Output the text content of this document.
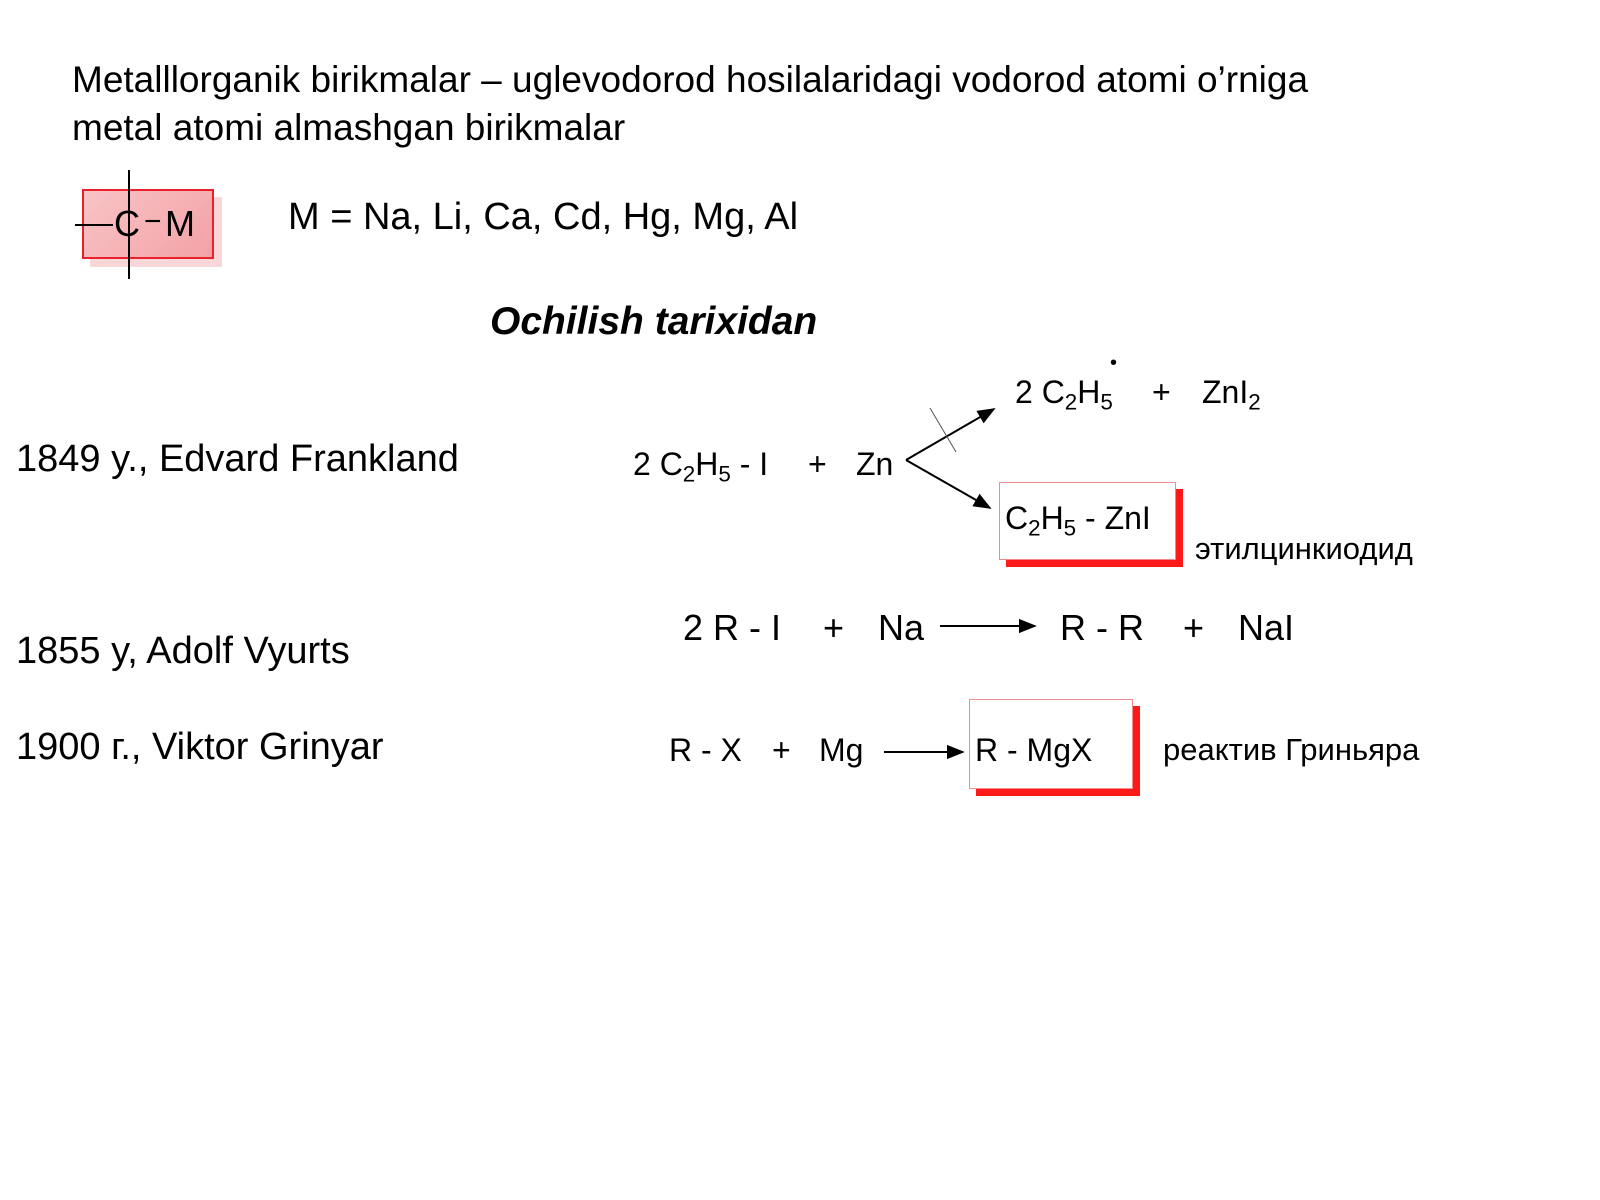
Metalllorganik birikmalar – uglevodorod hosilalaridagi vodorod atomi o’rniga
metal atomi almashgan birikmalar
C − M M = Na, Li, Ca, Cd, Hg, Mg, Al
Ochilish tarixidan
1849 y., Edvard Frankland
1855 y, Adolf Vyurts
1900 г., Viktor Grinyar
2 $C_2H_5 - I + Zn$
2 $C_2H_5$
•
+ ZnI$_2$
$C_2H_5$ - ZnI
этилцинкиодид
2 R - I + Na	R - R + NaI
R - X + Mg	R - MgX реактив Гриньяра
